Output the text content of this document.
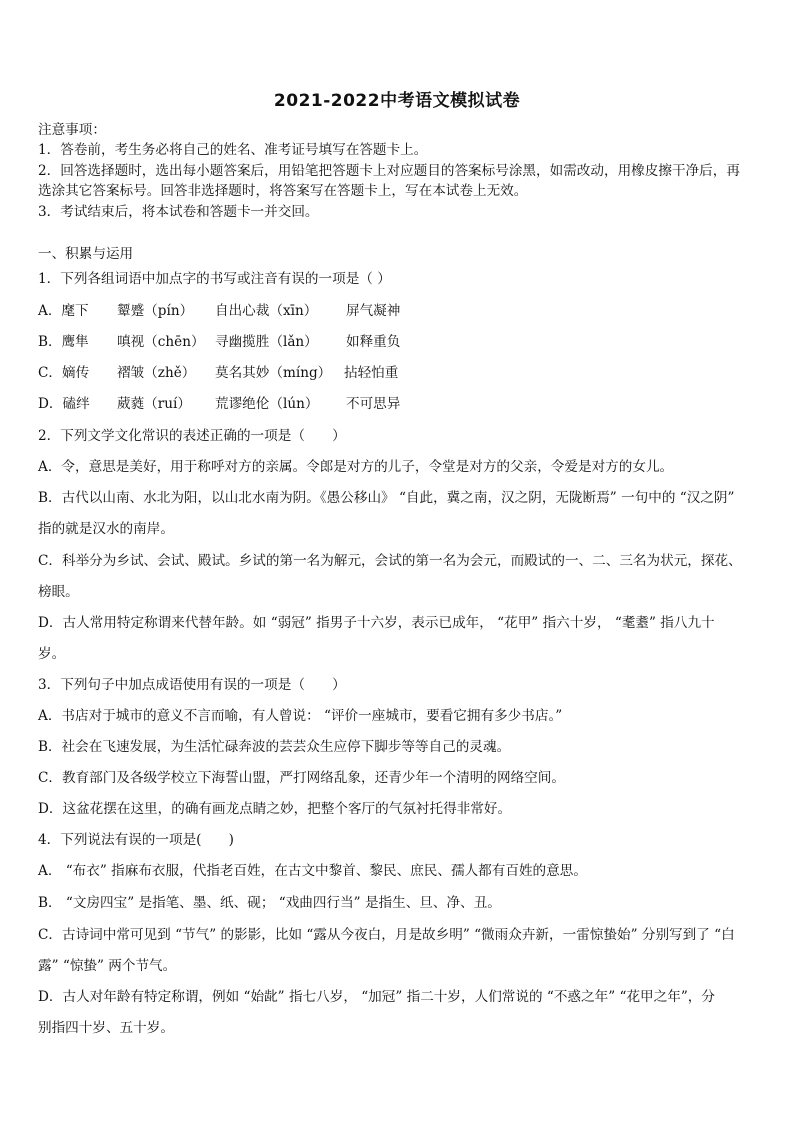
2021-2022中考语文模拟试卷
注意事项：
1．答卷前，考生务必将自己的姓名、准考证号填写在答题卡上。
2．回答选择题时，选出每小题答案后，用铅笔把答题卡上对应题目的答案标号涂黑，如需改动，用橡皮擦干净后，再
选涂其它答案标号。回答非选择题时，将答案写在答题卡上，写在本试卷上无效。
3．考试结束后，将本试卷和答题卡一并交回。
一、积累与运用
1．下列各组词语中加点字的书写或注音有误的一项是（ ）
A．麾下 颦蹙（pín） 自出心裁（xīn） 屏气凝神
B．鹰隼 嗔视（chēn） 寻幽揽胜（lǎn） 如释重负
C．嫡传 褶皱（zhě） 莫名其妙（míng） 拈轻怕重
D．磕绊 葳蕤（ruí） 荒谬绝伦（lún） 不可思异
2．下列文学文化常识的表述正确的一项是（　　）
A．令，意思是美好，用于称呼对方的亲属。令郎是对方的儿子，令堂是对方的父亲，令爱是对方的女儿。
B．古代以山南、水北为阳，以山北水南为阴。《愚公移山》 “自此，冀之南，汉之阴，无陇断焉” 一句中的 “汉之阴”
指的就是汉水的南岸。
C．科举分为乡试、会试、殿试。乡试的第一名为解元，会试的第一名为会元，而殿试的一、二、三名为状元，探花、
榜眼。
D．古人常用特定称谓来代替年龄。如 “弱冠” 指男子十六岁，表示已成年， “花甲” 指六十岁， “耄耋” 指八九十
岁。
3．下列句子中加点成语使用有误的一项是（　　）
A．书店对于城市的意义不言而喻，有人曾说： “评价一座城市，要看它拥有多少书店。”
B．社会在飞速发展，为生活忙碌奔波的芸芸众生应停下脚步等等自己的灵魂。
C．教育部门及各级学校立下海誓山盟，严打网络乱象，还青少年一个清明的网络空间。
D．这盆花摆在这里，的确有画龙点睛之妙，把整个客厅的气氛衬托得非常好。
4．下列说法有误的一项是(　　)
A． “布衣” 指麻布衣服，代指老百姓，在古文中黎首、黎民、庶民、孺人都有百姓的意思。
B． “文房四宝” 是指笔、墨、纸、砚； “戏曲四行当” 是指生、旦、净、丑。
C．古诗词中常可见到 “节气” 的影影，比如 “露从今夜白，月是故乡明” “微雨众卉新，一雷惊蛰始” 分别写到了 “白
露” “惊蛰” 两个节气。
D．古人对年龄有特定称谓，例如 “始龀” 指七八岁， “加冠” 指二十岁，人们常说的 “不惑之年” “花甲之年”，分
别指四十岁、五十岁。
